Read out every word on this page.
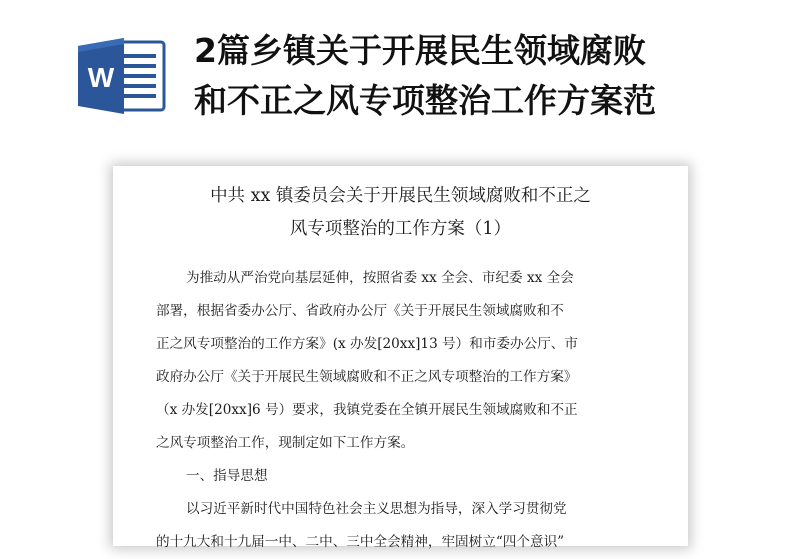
W
2篇乡镇关于开展民生领域腐败
和不正之风专项整治工作方案范
中共 xx 镇委员会关于开展民生领域腐败和不正之
风专项整治的工作方案（1）
为推动从严治党向基层延伸，按照省委 xx 全会、市纪委 xx 全会
部署，根据省委办公厅、省政府办公厅《关于开展民生领域腐败和不
正之风专项整治的工作方案》(x 办发[20xx]13 号）和市委办公厅、市
政府办公厅《关于开展民生领域腐败和不正之风专项整治的工作方案》
（x 办发[20xx]6 号）要求，我镇党委在全镇开展民生领域腐败和不正
之风专项整治工作，现制定如下工作方案。
一、指导思想
以习近平新时代中国特色社会主义思想为指导，深入学习贯彻党
的十九大和十九届一中、二中、三中全会精神，牢固树立“四个意识”
